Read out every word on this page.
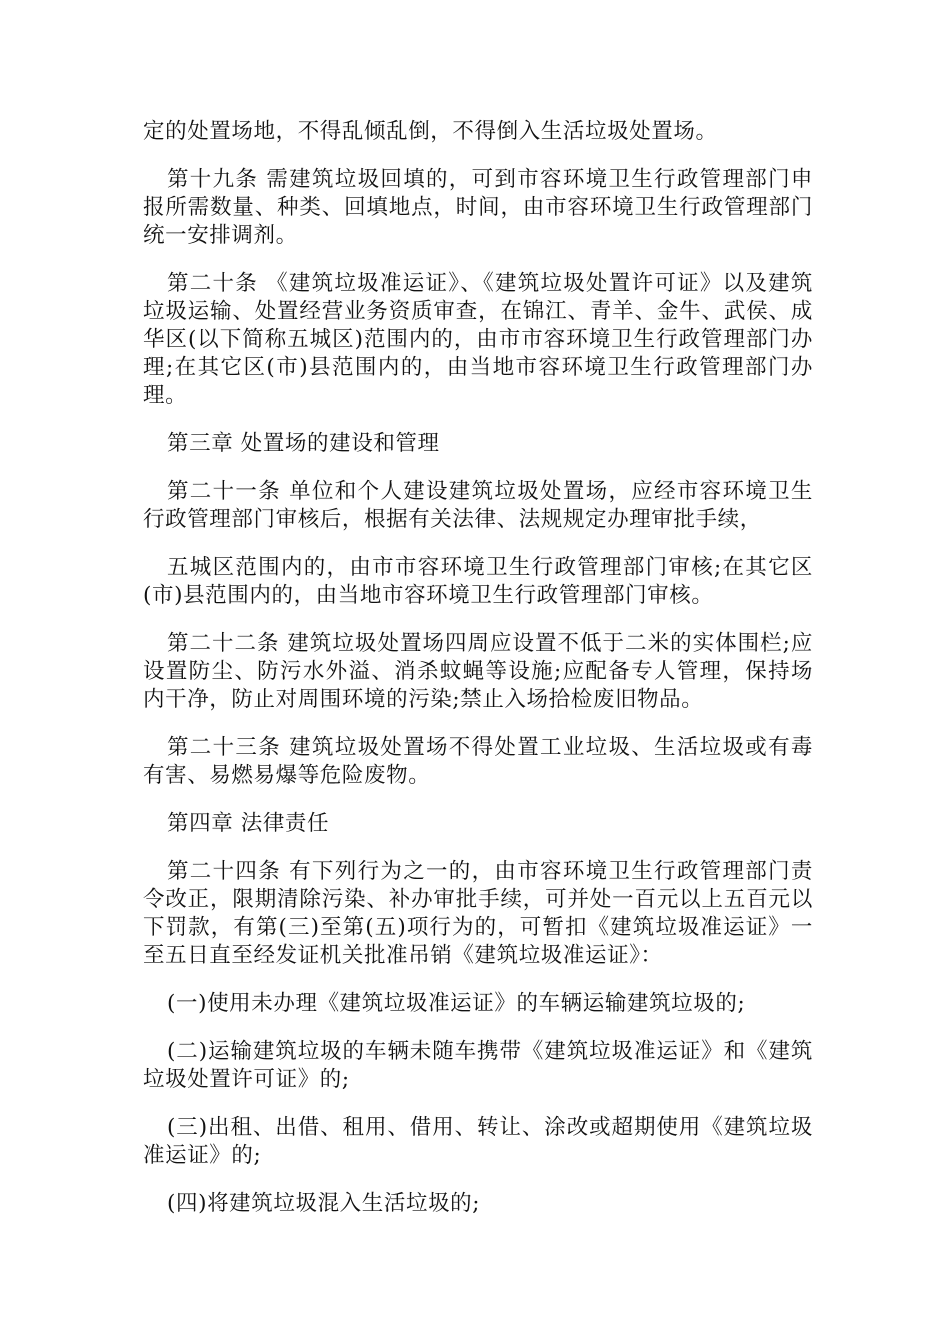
定的处置场地，不得乱倾乱倒，不得倒入生活垃圾处置场。

第十九条 需建筑垃圾回填的，可到市容环境卫生行政管理部门申报所需数量、种类、回填地点，时间，由市容环境卫生行政管理部门统一安排调剂。

第二十条 《建筑垃圾准运证》、《建筑垃圾处置许可证》以及建筑垃圾运输、处置经营业务资质审查，在锦江、青羊、金牛、武侯、成华区(以下简称五城区)范围内的，由市市容环境卫生行政管理部门办理;在其它区(市)县范围内的，由当地市容环境卫生行政管理部门办理。

第三章 处置场的建设和管理

第二十一条 单位和个人建设建筑垃圾处置场，应经市容环境卫生行政管理部门审核后，根据有关法律、法规规定办理审批手续，

五城区范围内的，由市市容环境卫生行政管理部门审核;在其它区(市)县范围内的，由当地市容环境卫生行政管理部门审核。

第二十二条 建筑垃圾处置场四周应设置不低于二米的实体围栏;应设置防尘、防污水外溢、消杀蚊蝇等设施;应配备专人管理，保持场内干净，防止对周围环境的污染;禁止入场拾检废旧物品。

第二十三条 建筑垃圾处置场不得处置工业垃圾、生活垃圾或有毒有害、易燃易爆等危险废物。

第四章 法律责任

第二十四条 有下列行为之一的，由市容环境卫生行政管理部门责令改正，限期清除污染、补办审批手续，可并处一百元以上五百元以下罚款，有第(三)至第(五)项行为的，可暂扣《建筑垃圾准运证》一至五日直至经发证机关批准吊销《建筑垃圾准运证》：

(一)使用未办理《建筑垃圾准运证》的车辆运输建筑垃圾的;

(二)运输建筑垃圾的车辆未随车携带《建筑垃圾准运证》和《建筑垃圾处置许可证》的;

(三)出租、出借、租用、借用、转让、涂改或超期使用《建筑垃圾准运证》的;

(四)将建筑垃圾混入生活垃圾的;
